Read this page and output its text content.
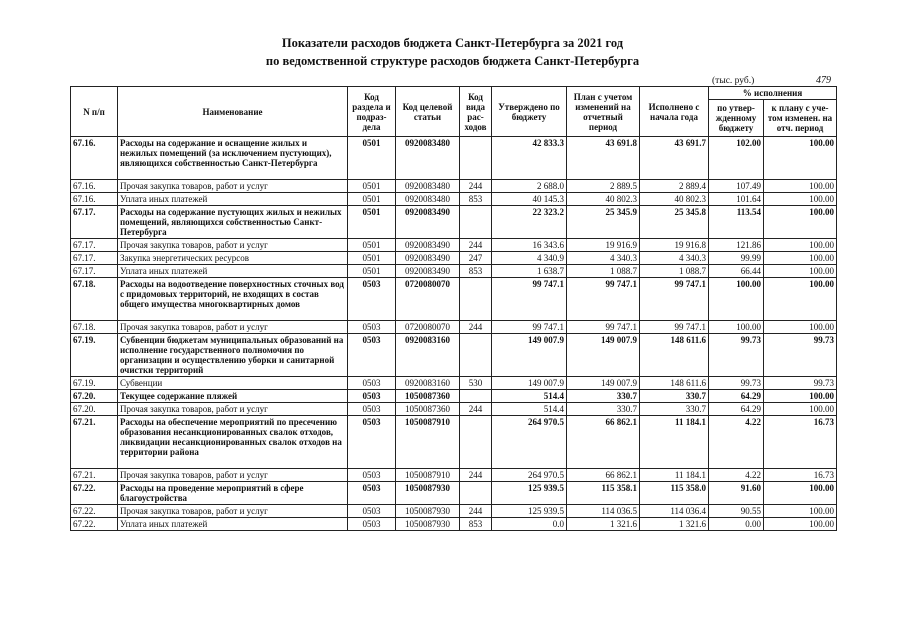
Показатели расходов бюджета Санкт-Петербурга за 2021 год
по ведомственной структуре расходов бюджета Санкт-Петербурга
(тыс. руб.)	479
N п/п	Наименование	Код раздела и подраз-дела	Код целевой статьи	Код вида рас-ходов	Утверждено по бюджету	План с учетом изменений на отчетный период	Исполнено с начала года	% исполнения	
								по утвер-жденному бюджету	к плану с уче-том изменен. на отч. период
67.16.	Расходы на содержание и оснащение жилых и нежилых помещений (за исключением пустующих), являющихся собственностью Санкт-Петербурга	0501	0920083480		42 833.3	43 691.8	43 691.7	102.00	100.00
67.16.	Прочая закупка товаров, работ и услуг	0501	0920083480	244	2 688.0	2 889.5	2 889.4	107.49	100.00
67.16.	Уплата иных платежей	0501	0920083480	853	40 145.3	40 802.3	40 802.3	101.64	100.00
67.17.	Расходы на содержание пустующих жилых и нежилых помещений, являющихся собственностью Санкт-Петербурга	0501	0920083490		22 323.2	25 345.9	25 345.8	113.54	100.00
67.17.	Прочая закупка товаров, работ и услуг	0501	0920083490	244	16 343.6	19 916.9	19 916.8	121.86	100.00
67.17.	Закупка энергетических ресурсов	0501	0920083490	247	4 340.9	4 340.3	4 340.3	99.99	100.00
67.17.	Уплата иных платежей	0501	0920083490	853	1 638.7	1 088.7	1 088.7	66.44	100.00
67.18.	Расходы на водоотведение поверхностных сточных вод с придомовых территорий, не входящих в состав общего имущества многоквартирных домов	0503	0720080070		99 747.1	99 747.1	99 747.1	100.00	100.00
67.18.	Прочая закупка товаров, работ и услуг	0503	0720080070	244	99 747.1	99 747.1	99 747.1	100.00	100.00
67.19.	Субвенции бюджетам муниципальных образований на исполнение государственного полномочия по организации и осуществлению уборки и санитарной очистки территорий	0503	0920083160		149 007.9	149 007.9	148 611.6	99.73	99.73
67.19.	Субвенции	0503	0920083160	530	149 007.9	149 007.9	148 611.6	99.73	99.73
67.20.	Текущее содержание пляжей	0503	1050087360		514.4	330.7	330.7	64.29	100.00
67.20.	Прочая закупка товаров, работ и услуг	0503	1050087360	244	514.4	330.7	330.7	64.29	100.00
67.21.	Расходы на обеспечение мероприятий по пресечению образования несанкционированных свалок отходов, ликвидации несанкционированных свалок отходов на территории района	0503	1050087910		264 970.5	66 862.1	11 184.1	4.22	16.73
67.21.	Прочая закупка товаров, работ и услуг	0503	1050087910	244	264 970.5	66 862.1	11 184.1	4.22	16.73
67.22.	Расходы на проведение мероприятий в сфере благоустройства	0503	1050087930		125 939.5	115 358.1	115 358.0	91.60	100.00
67.22.	Прочая закупка товаров, работ и услуг	0503	1050087930	244	125 939.5	114 036.5	114 036.4	90.55	100.00
67.22.	Уплата иных платежей	0503	1050087930	853	0.0	1 321.6	1 321.6	0.00	100.00
